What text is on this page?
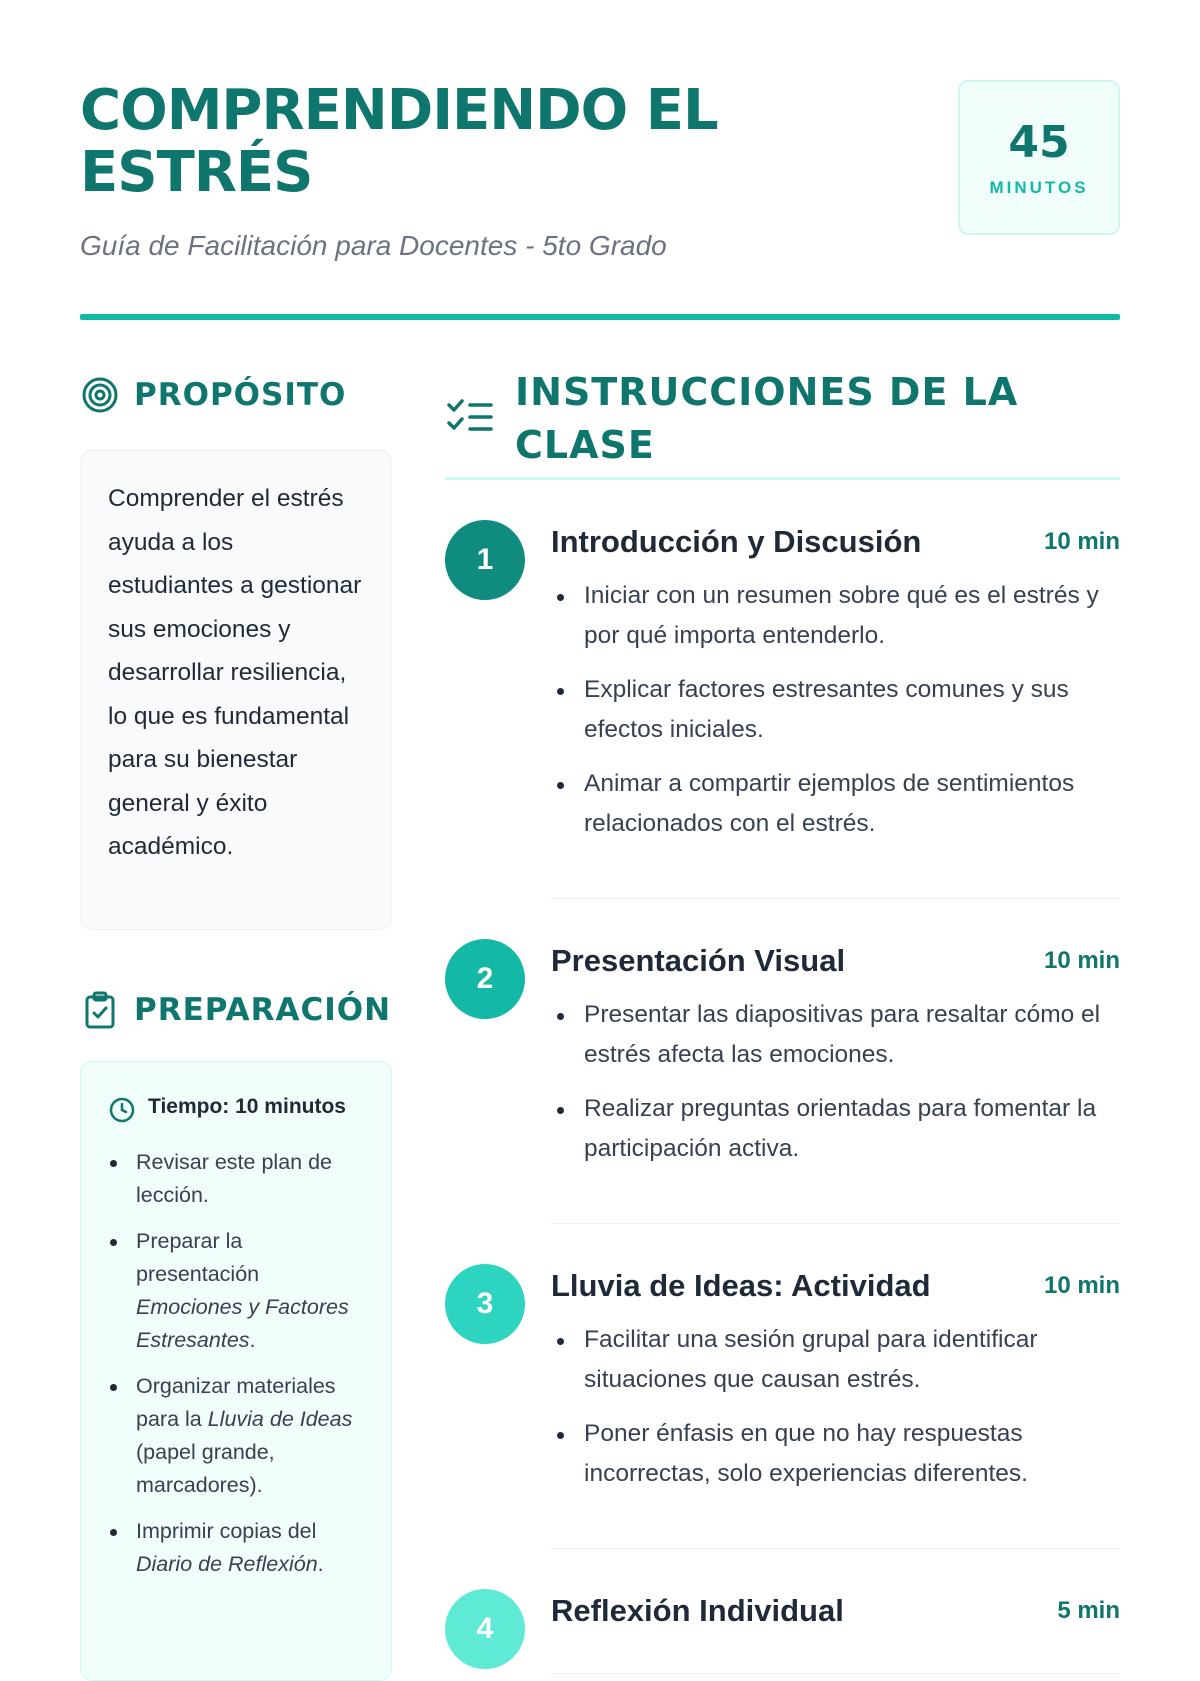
COMPRENDIENDO EL ESTRÉS
Guía de Facilitación para Docentes - 5to Grado
45
MINUTOS
PROPÓSITO

Comprender el estrés ayuda a los estudiantes a gestionar sus emociones y desarrollar resiliencia, lo que es fundamental para su bienestar general y éxito académico.

PREPARACIÓN
Tiempo: 10 minutos
Revisar este plan de lección.
Preparar la presentación Emociones y Factores Estresantes.
Organizar materiales para la Lluvia de Ideas (papel grande, marcadores).
Imprimir copias del Diario de Reflexión.
INSTRUCCIONES DE LA CLASE
1
Introducción y Discusión	10 min
Iniciar con un resumen sobre qué es el estrés y por qué importa entenderlo.
Explicar factores estresantes comunes y sus efectos iniciales.
Animar a compartir ejemplos de sentimientos relacionados con el estrés.
2
Presentación Visual	10 min
Presentar las diapositivas para resaltar cómo el estrés afecta las emociones.
Realizar preguntas orientadas para fomentar la participación activa.
3
Lluvia de Ideas: Actividad	10 min
Facilitar una sesión grupal para identificar situaciones que causan estrés.
Poner énfasis en que no hay respuestas incorrectas, solo experiencias diferentes.
4
Reflexión Individual	5 min
